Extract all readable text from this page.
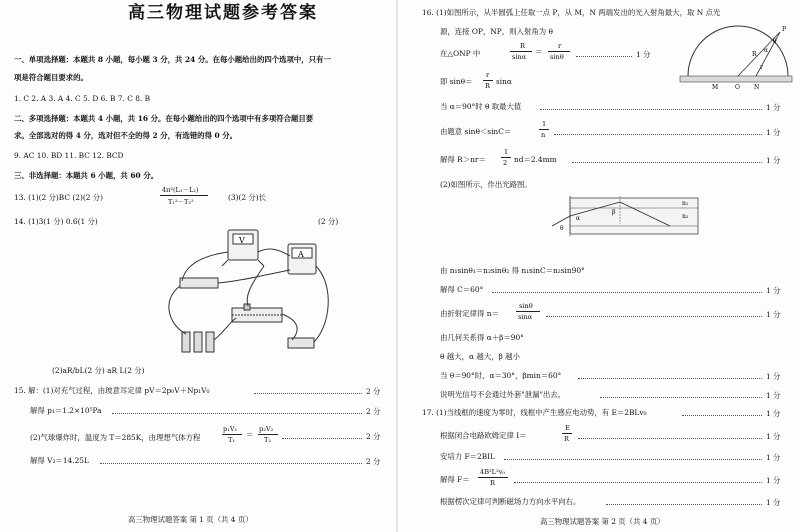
高三物理试题参考答案
一、单项选择题：本题共 8 小题，每小题 3 分，共 24 分。在每小题给出的四个选项中，只有一
项是符合题目要求的。
1. C 2. A 3. A 4. C 5. D 6. B 7. C 8. B
二、多项选择题：本题共 4 小题，共 16 分。在每小题给出的四个选项中有多项符合题目要
求。全部选对的得 4 分，选对但不全的得 2 分，有选错的得 0 分。
9. AC 10. BD 11. BC 12. BCD
三、非选择题：本题共 6 小题，共 60 分。
13. (1)(2 分)BC (2)(2 分)
4π²(L₁－L₂)
T₁²－T₂²	(3)(2 分)长
14. (1)3(1 分) 0.6(1 分)	(2 分)
V
A
(2)aR/bL(2 分) aR L(2 分)
15. 解：(1)对充气过程，由玻意耳定律 pV＝2p₀V＋Np₁V₀	2 分
解得 p₁＝1.2×10⁵Pa	2 分
(2)气球爆炸时，温度为 T＝285K，由理想气体方程
p₁V₁
T₁
＝
p₂V₂
T₂	2 分
解得 V₂＝14.25L	2 分
高三物理试题答案 第 1 页（共 4 页）
16. (1)如图所示，从半圆弧上任取一点 P，从 M，N 两端发出的光入射角最大，取 N 点光
源，连接 OP，NP，则入射角为 θ
在△ONP 中
R
sinα
＝
r
sinθ	1 分
P
R
r
θ
α
M	O N
即 sinθ＝
r
R sinα
当 α＝90°时 θ 取最大值	1 分
由题意 sinθ＜sinC＝
1
n	1 分
解得 R＞nr＝
1
2 nd＝2.4mm	1 分
(2)如图所示，作出光路图。
θ
β
n₁
n₂
α
由 n₁sinθ₁＝n₂sinθ₂ 得 n₁sinC＝n₂sin90°
解得 C＝60°	1 分
由折射定律得 n＝
sinθ
sinα	1 分
由几何关系得 α＋β＝90°
θ 越大，α 越大，β 越小
当 θ＝90°时，α＝30°，βmin＝60°	1 分
说明光信号不会通过外套"泄漏"出去。	1 分
17. (1)当线框的速度为零时，线框中产生感应电动势，有 E＝2BLv₀	1 分
根据闭合电路欧姆定律 I＝
E
R	1 分
安培力 F＝2BIL	1 分
解得 F＝
4B²L²v₀
R	1 分
根据楞次定律可判断磁场力方向水平向右。	1 分
高三物理试题答案 第 2 页（共 4 页）
